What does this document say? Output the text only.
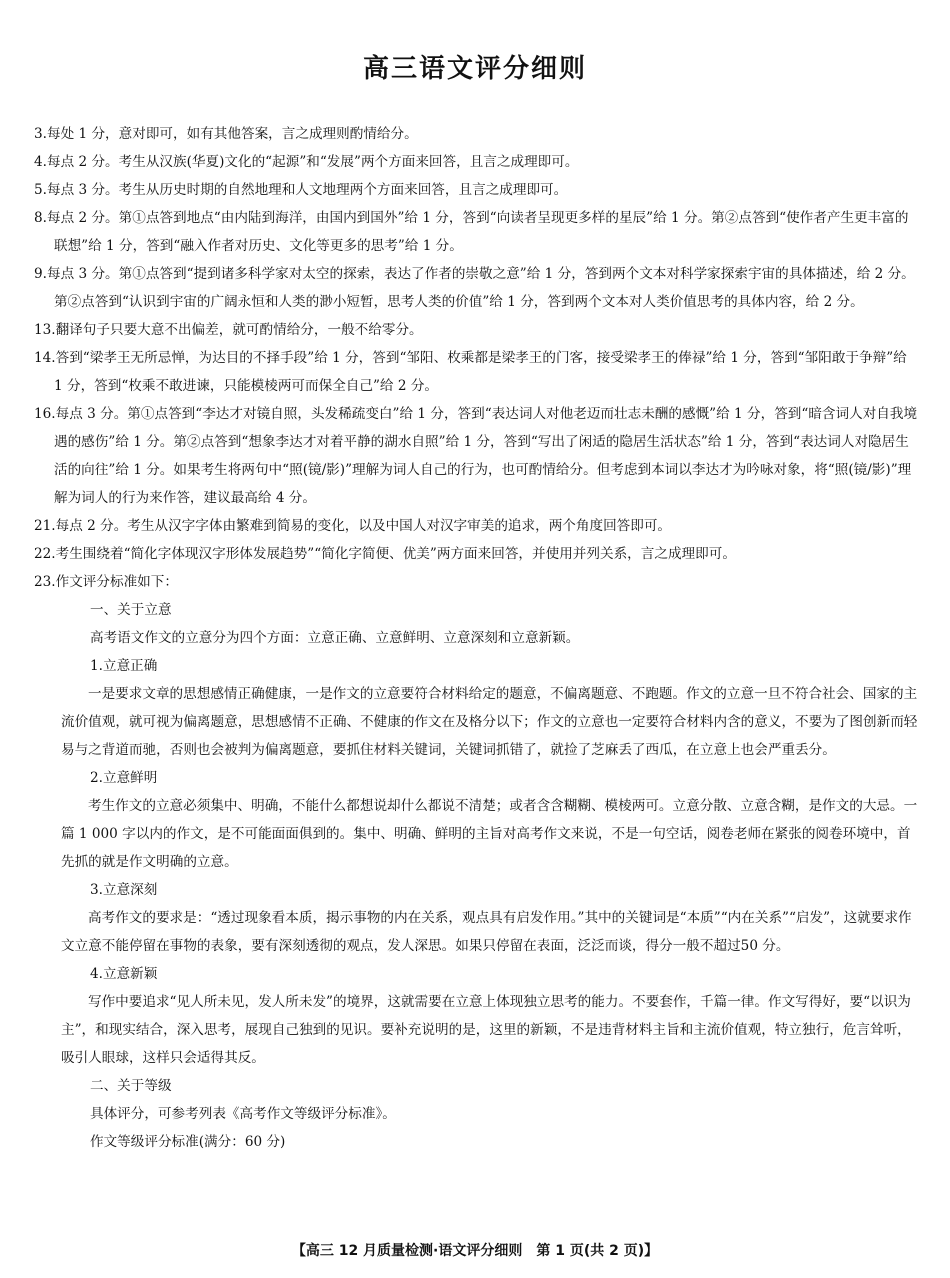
高三语文评分细则

3.每处 1 分，意对即可，如有其他答案，言之成理则酌情给分。

4.每点 2 分。考生从汉族(华夏)文化的“起源”和“发展”两个方面来回答，且言之成理即可。

5.每点 3 分。考生从历史时期的自然地理和人文地理两个方面来回答，且言之成理即可。

8.每点 2 分。第①点答到地点“由内陆到海洋，由国内到国外”给 1 分，答到“向读者呈现更多样的星辰”给 1 分。第②点答到“使作者产生更丰富的联想”给 1 分，答到“融入作者对历史、文化等更多的思考”给 1 分。

9.每点 3 分。第①点答到“提到诸多科学家对太空的探索，表达了作者的崇敬之意”给 1 分，答到两个文本对科学家探索宇宙的具体描述，给 2 分。第②点答到“认识到宇宙的广阔永恒和人类的渺小短暂，思考人类的价值”给 1 分，答到两个文本对人类价值思考的具体内容，给 2 分。

13.翻译句子只要大意不出偏差，就可酌情给分，一般不给零分。

14.答到“梁孝王无所忌惮，为达目的不择手段”给 1 分，答到“邹阳、枚乘都是梁孝王的门客，接受梁孝王的俸禄”给 1 分，答到“邹阳敢于争辩”给 1 分，答到“枚乘不敢进谏，只能模棱两可而保全自己”给 2 分。

16.每点 3 分。第①点答到“李达才对镜自照，头发稀疏变白”给 1 分，答到“表达词人对他老迈而壮志未酬的感慨”给 1 分，答到“暗含词人对自我境遇的感伤”给 1 分。第②点答到“想象李达才对着平静的湖水自照”给 1 分，答到“写出了闲适的隐居生活状态”给 1 分，答到“表达词人对隐居生活的向往”给 1 分。如果考生将两句中“照(镜/影)”理解为词人自己的行为，也可酌情给分。但考虑到本词以李达才为吟咏对象，将“照(镜/影)”理解为词人的行为来作答，建议最高给 4 分。

21.每点 2 分。考生从汉字字体由繁难到简易的变化，以及中国人对汉字审美的追求，两个角度回答即可。

22.考生围绕着“简化字体现汉字形体发展趋势”“简化字简便、优美”两方面来回答，并使用并列关系，言之成理即可。

23.作文评分标准如下：

一、关于立意

高考语文作文的立意分为四个方面：立意正确、立意鲜明、立意深刻和立意新颖。

1.立意正确

一是要求文章的思想感情正确健康，一是作文的立意要符合材料给定的题意，不偏离题意、不跑题。作文的立意一旦不符合社会、国家的主流价值观，就可视为偏离题意，思想感情不正确、不健康的作文在及格分以下；作文的立意也一定要符合材料内含的意义，不要为了图创新而轻易与之背道而驰，否则也会被判为偏离题意，要抓住材料关键词，关键词抓错了，就捡了芝麻丢了西瓜，在立意上也会严重丢分。

2.立意鲜明

考生作文的立意必须集中、明确，不能什么都想说却什么都说不清楚；或者含含糊糊、模棱两可。立意分散、立意含糊，是作文的大忌。一篇 1 000 字以内的作文，是不可能面面俱到的。集中、明确、鲜明的主旨对高考作文来说，不是一句空话，阅卷老师在紧张的阅卷环境中，首先抓的就是作文明确的立意。

3.立意深刻

高考作文的要求是：“透过现象看本质，揭示事物的内在关系，观点具有启发作用。”其中的关键词是“本质”“内在关系”“启发”，这就要求作文立意不能停留在事物的表象，要有深刻透彻的观点，发人深思。如果只停留在表面，泛泛而谈，得分一般不超过50 分。

4.立意新颖

写作中要追求“见人所未见，发人所未发”的境界，这就需要在立意上体现独立思考的能力。不要套作，千篇一律。作文写得好，要“以识为主”，和现实结合，深入思考，展现自己独到的见识。要补充说明的是，这里的新颖，不是违背材料主旨和主流价值观，特立独行，危言耸听，吸引人眼球，这样只会适得其反。

二、关于等级

具体评分，可参考列表《高考作文等级评分标准》。

作文等级评分标准(满分：60 分)

【高三 12 月质量检测·语文评分细则　第 1 页(共 2 页)】
